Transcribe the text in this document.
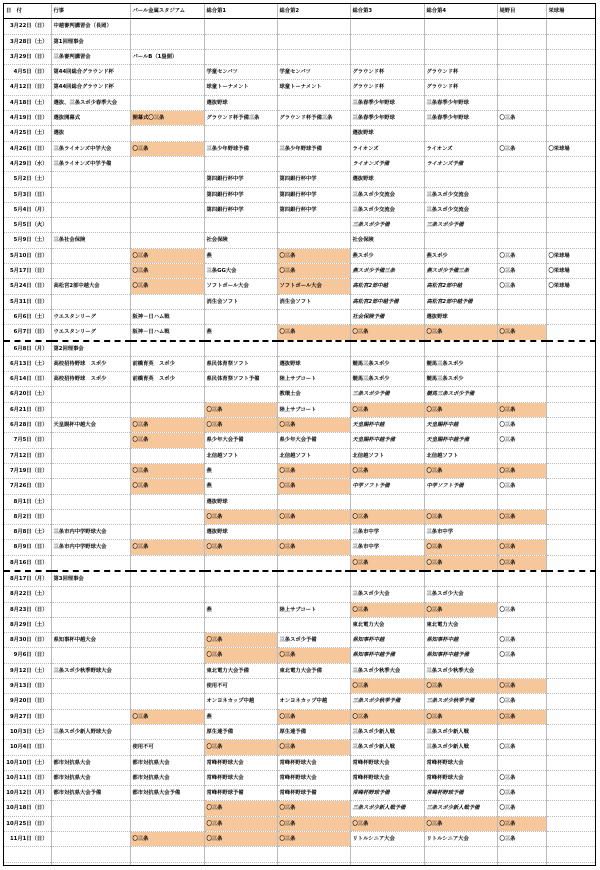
日　付	行事	パール金属スタジアム	総合第1	総合第2	総合第3	総合第4	堤野目	栄球場
3月22日（日）	中越審判講習会（長岡）							
3月28日（土）	第1回理事会							
3月29日（日）	三条審判講習会	パールB（1塁側）						
4月5日（日）	第44回総合グラウンド杯		学童センバツ	学童センバツ	グラウンド杯	グラウンド杯		
4月12日（日）	第44回総合グラウンド杯		球童トーナメント	球童トーナメント	グラウンド杯	グラウンド杯		
4月18日（土）	選抜、三条スポ少春季大会		選抜野球		三条春季少年野球	三条春季少年野球		
4月19日（日）	選抜開幕式	開幕式〇三条	グラウンド杯予備三条	グラウンド杯予備三条	三条春季少年野球	三条春季少年野球	〇三条	
4月25日（土）	選抜				選抜野球			
4月26日（日）	三条ライオンズ中学大会	〇三条	三条少年野球予備	三条少年野球予備	ライオンズ	ライオンズ	〇三条	〇栄球場
4月29日（水）	三条ライオンズ中学予備				ライオンズ予備	ライオンズ予備		
5月2日（土）			第四銀行杯中学	第四銀行杯中学	選抜野球			
5月3日（日）			第四銀行杯中学	第四銀行杯中学	三条スポ少交流会	三条スポ少交流会		
5月4日（月）			第四銀行杯中学	第四銀行杯中学	三条スポ少交流会	三条スポ少交流会		
5月5日（火）					三条スポ少予備	三条スポ少予備		
5月9日（土）	三条社会保険		社会保険		社会保険			
5月10日（日）		〇三条	燕	〇三条	燕スポ少	燕スポ少	〇三条	〇栄球場
5月17日（日）		〇三条	三条GG大会	〇三条	燕スポ少予備三条	燕スポ少予備三条	〇三条	〇栄球場
5月24日（日）	高松宮2部中越大会	〇三条	ソフトボール大会	ソフトボール大会	高松宮2部中越	高松宮2部中越	〇三条	〇栄球場
5月31日（日）			消生会ソフト	消生会ソフト	高松宮2部中越予備	高松宮2部中越予備		
6月6日（土）	ウエスタンリーグ	阪神－日ハム戦			社会保険予備	選抜野球		
6月7日（日）	ウエスタンリーグ	阪神－日ハム戦	燕	〇三条	〇三条	〇三条	〇三条	
6月8日（月）	第2回理事会							
6月13日（土）	高校招待野球　スポ少	前橋育英　スポ少	県民体育祭ソフト	選抜野球	競馬三条スポ少	競馬三条スポ少		
6月14日（日）	高校招待野球　スポ少	前橋育英　スポ少	県民体育祭ソフト予備	陸上サブコート	競馬三条スポ少	競馬三条スポ少		
6月20日（土）				教環土会	三条スポ少予備	競馬三条スポ少予備		
6月21日（日）			〇三条	陸上サブコート	〇三条	〇三条	〇三条	
6月28日（日）	天皇賜杯中越大会	〇三条	〇三条	〇三条	天皇賜杯中越	天皇賜杯中越	〇三条	
7月5日（日）		〇三条	県少年大会予備	県少年大会予備	天皇賜杯中越予備	天皇賜杯中越予備	〇三条	
7月12日（日）			北信越ソフト	北信越ソフト	北信越ソフト	北信越ソフト		
7月19日（日）		〇三条	燕	〇三条	〇三条	〇三条	〇三条	
7月26日（日）		〇三条	燕	〇三条	中学ソフト予備	中学ソフト予備	〇三条	
8月1日（土）			選抜野球					
8月2日（日）			〇三条	〇三条	〇三条	〇三条	〇三条	
8月8日（土）	三条市内中学野球大会		選抜野球		三条市中学	三条市中学		
8月9日（日）	三条市内中学野球大会	〇三条	〇三条	〇三条	三条市中学	〇三条	〇三条	
8月16日（日）					〇三条	〇三条	〇三条	
8月17日（月）	第3回理事会							
8月22日（土）					三条スポ少大会	三条スポ少大会		
8月23日（日）			燕	陸上サブコート	〇三条	〇三条	〇三条	
8月29日（土）					東北電力大会	東北電力大会		
8月30日（日）	県知事杯中越大会		〇三条	三条スポ少予備	県知事杯中越	県知事杯中越	〇三条	
9月6日（日）			〇三条	〇三条	県知事杯中越予備	県知事杯中越予備	〇三条	
9月12日（土）	三条スポ少秋季野球大会		東北電力大会予備	東北電力大会予備	三条スポ少秋季大会	三条スポ少秋季大会		
9月13日（日）			使用不可		〇三条	〇三条	〇三条	
9月20日（日）			オンヨネカップ中越	オンヨネカップ中越	三条スポ少秋季予備	三条スポ少秋季予備	〇三条	
9月27日（日）		〇三条	燕	〇三条	〇三条	〇三条	〇三条	
10月3日（土）	三条スポ少新人野球大会		厚生連予備	厚生連予備	三条スポ少新人戦	三条スポ少新人戦		
10月4日（日）		使用不可	〇三条	〇三条	三条スポ少新人戦	三条スポ少新人戦	〇三条	
10月10日（土）	都市対抗県大会	都市対抗県大会	常峰杯野球大会	常峰杯野球大会	常峰杯野球大会	常峰杯野球大会		
10月11日（日）	都市対抗県大会	都市対抗県大会	常峰杯野球大会	常峰杯野球大会	常峰杯野球大会	常峰杯野球大会	〇三条	
10月12日（月）	都市対抗県大会予備	都市対抗県大会予備	常峰杯野球予備	常峰杯野球予備	常峰杯野球予備	常峰杯野球予備	〇三条	
10月18日（日）			〇三条	〇三条	三条スポ少新人戦予備	三条スポ少新人戦予備	〇三条	
10月25日（日）			〇三条	〇三条	〇三条	〇三条	〇三条	
11月1日（日）		〇三条	〇三条	〇三条	リトルシニア大会	リトルシニア大会	〇三条	
